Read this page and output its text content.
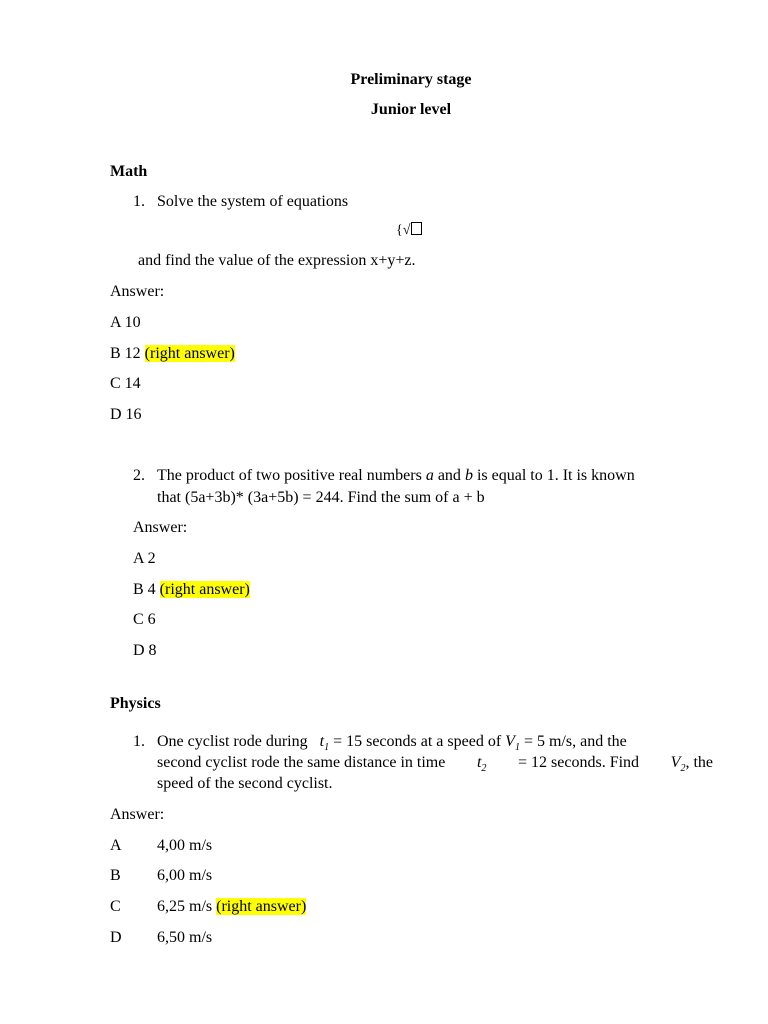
Preliminary stage
Junior level
Math
1. Solve the system of equations
{√
and find the value of the expression x+y+z.
Answer:
A 10
B 12 (right answer)
C 14
D 16
2. The product of two positive real numbers a and b is equal to 1. It is known
that (5a+3b)* (3a+5b) = 244. Find the sum of a + b
Answer:
A 2
B 4 (right answer)
C 6
D 8
Physics
1. One cyclist rode during $t_1 = 15$ seconds at a speed of $V_1 = 5$ m/s, and the
second cyclist rode the same distance in time $t_2 = 12$ seconds. Find $V_2$, the
speed of the second cyclist.
Answer:
A 4,00 m/s
B 6,00 m/s
C 6,25 m/s (right answer)
D 6,50 m/s
